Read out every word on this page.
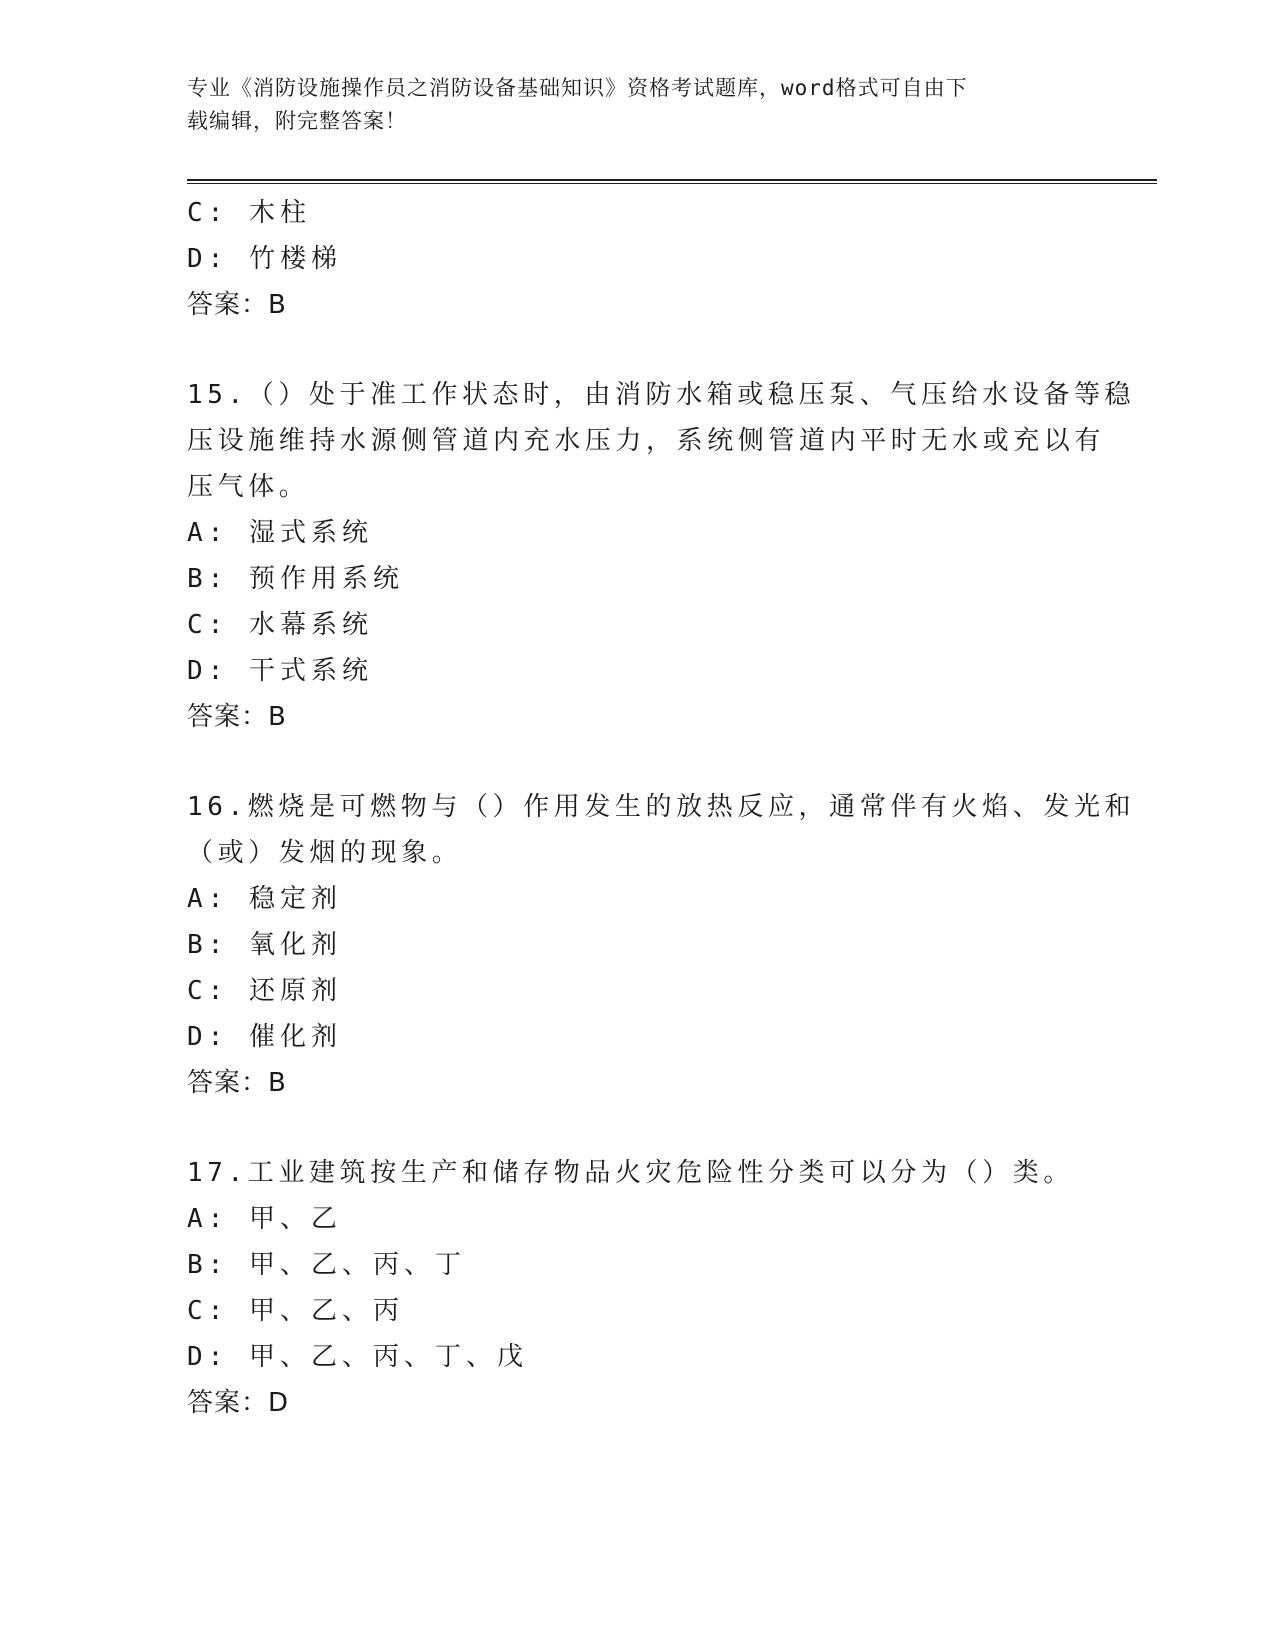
专业《消防设施操作员之消防设备基础知识》资格考试题库，word格式可自由下
载编辑，附完整答案！
C: 木柱
D: 竹楼梯
答案：B
15.（）处于准工作状态时，由消防水箱或稳压泵、气压给水设备等稳
压设施维持水源侧管道内充水压力，系统侧管道内平时无水或充以有
压气体。
A: 湿式系统
B: 预作用系统
C: 水幕系统
D: 干式系统
答案：B
16.燃烧是可燃物与（）作用发生的放热反应，通常伴有火焰、发光和
（或）发烟的现象。
A: 稳定剂
B: 氧化剂
C: 还原剂
D: 催化剂
答案：B
17.工业建筑按生产和储存物品火灾危险性分类可以分为（）类。
A: 甲、乙
B: 甲、乙、丙、丁
C: 甲、乙、丙
D: 甲、乙、丙、丁、戊
答案：D
